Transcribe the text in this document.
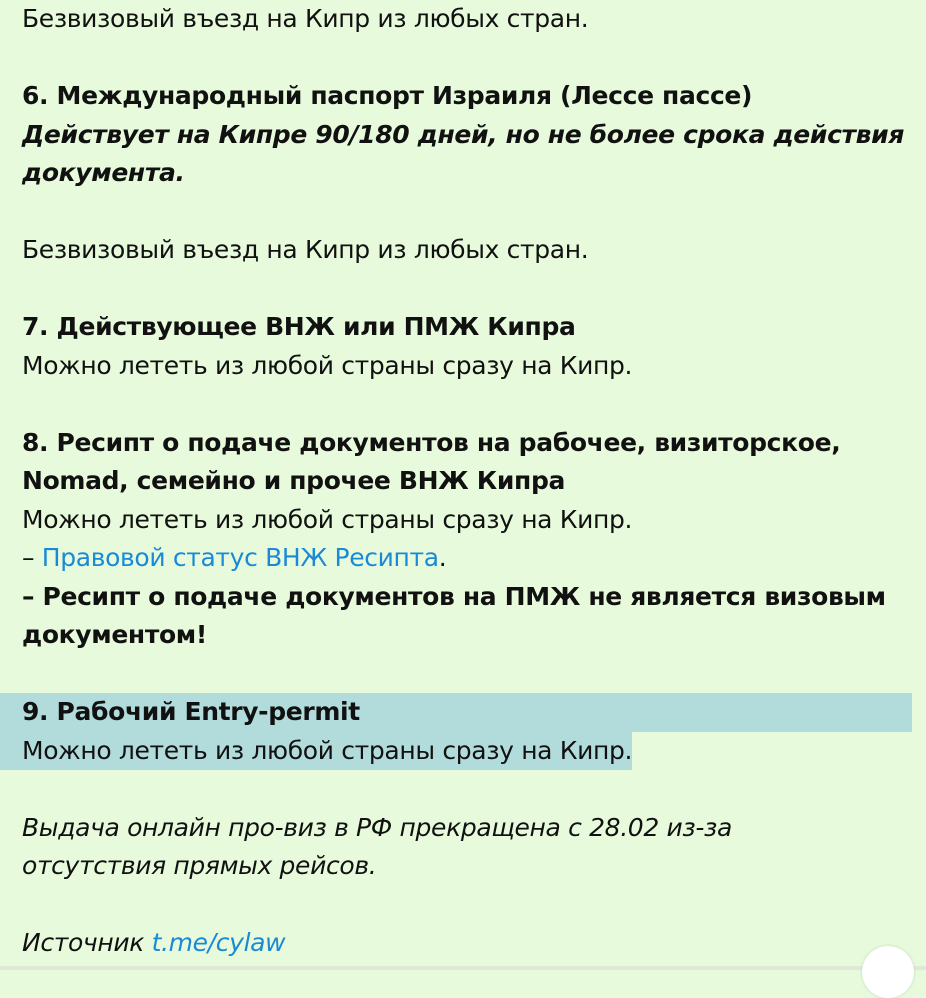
Безвизовый въезд на Кипр из любых стран.
6. Международный паспорт Израиля (Лессе пассе)
Действует на Кипре 90/180 дней, но не более срока действия
документа.
Безвизовый въезд на Кипр из любых стран.
7. Действующее ВНЖ или ПМЖ Кипра
Можно лететь из любой страны сразу на Кипр.
8. Ресипт о подаче документов на рабочее, визиторское,
Nomad, семейно и прочее ВНЖ Кипра
Можно лететь из любой страны сразу на Кипр.
– Правовой статус ВНЖ Ресипта.
– Ресипт о подаче документов на ПМЖ не является визовым
документом!
9. Рабочий Entry-permit
Можно лететь из любой страны сразу на Кипр.
Выдача онлайн про-виз в РФ прекращена с 28.02 из-за
отсутствия прямых рейсов.
Источник t.me/cylaw
